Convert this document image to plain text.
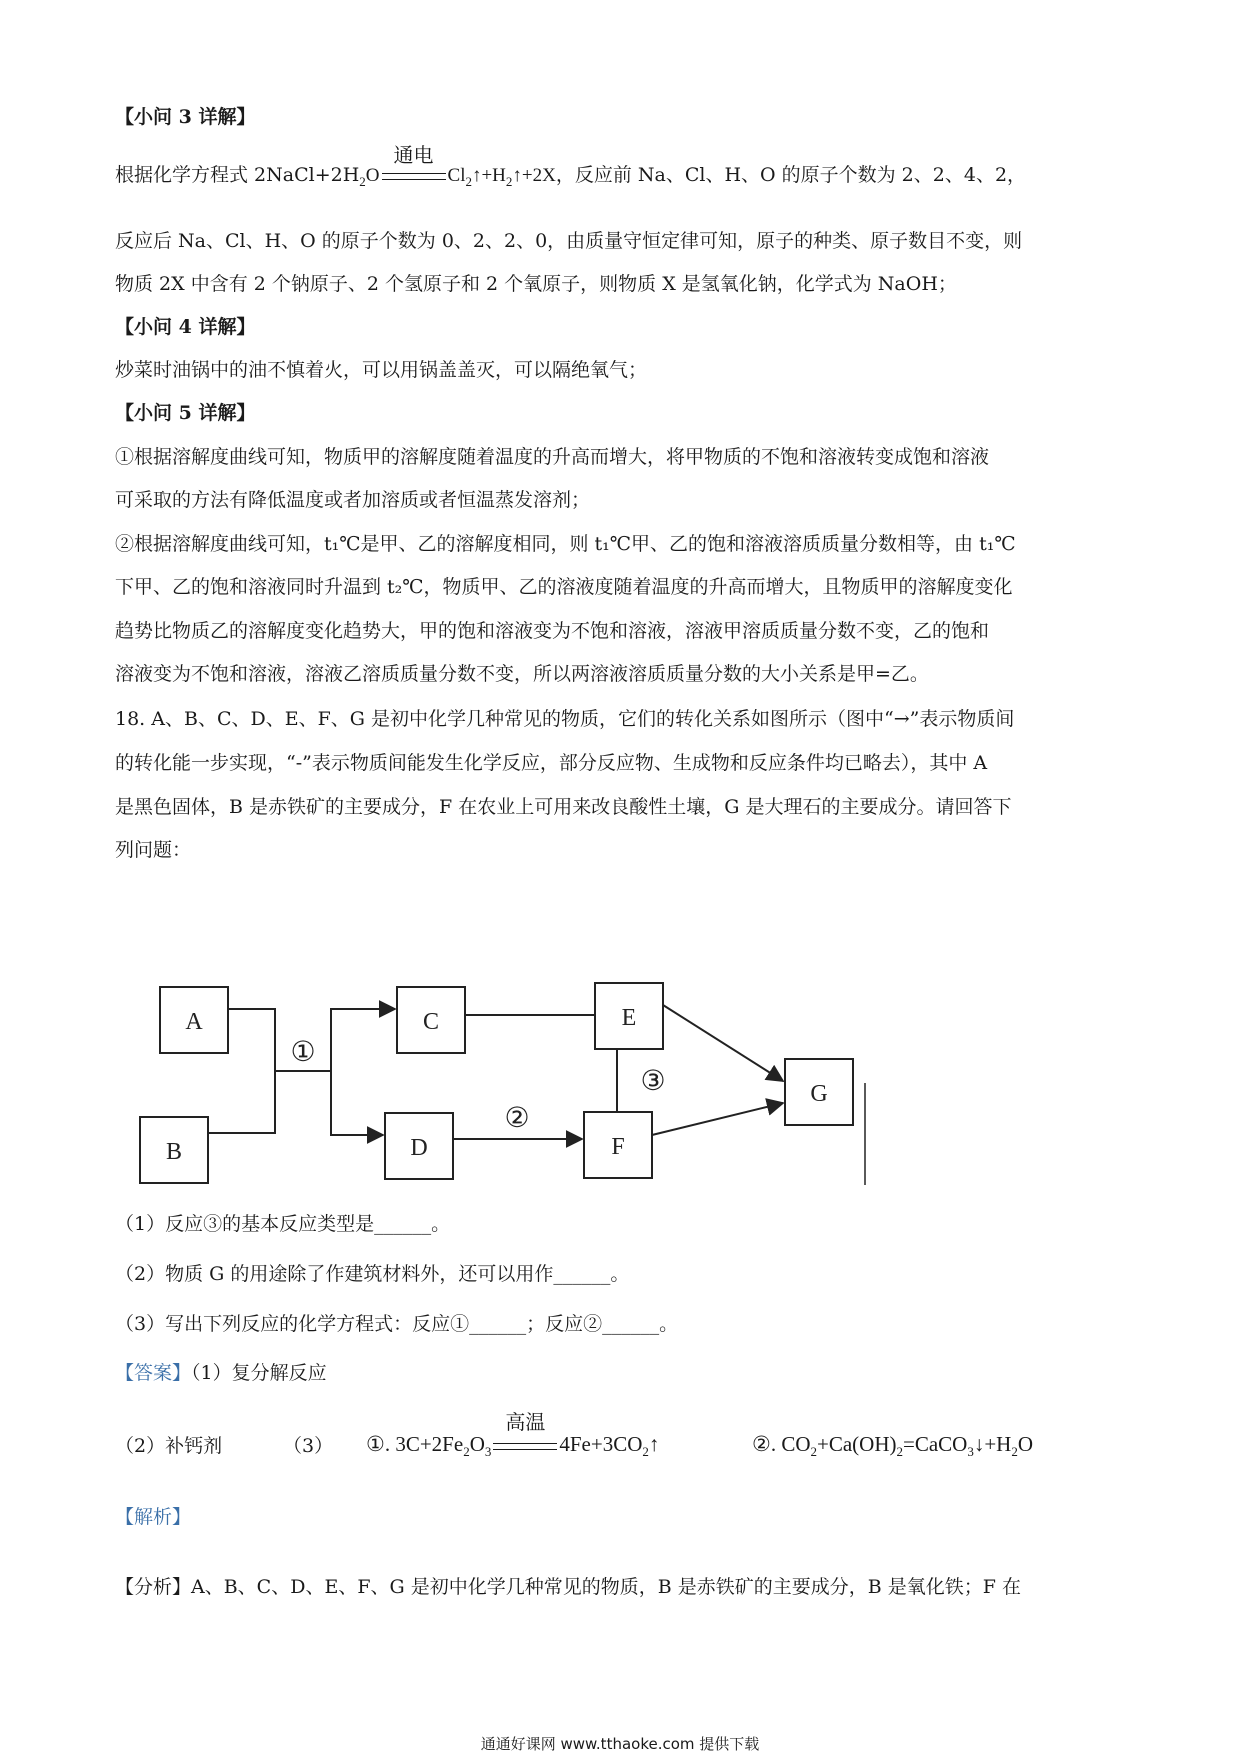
【小问 3 详解】
根据化学方程式 $2NaCl+2H_2O$
通电
$Cl_2↑+H_2↑+2X$，反应前 Na、Cl、H、O 的原子个数为 2、2、4、2，
反应后 Na、Cl、H、O 的原子个数为 0、2、2、0，由质量守恒定律可知，原子的种类、原子数目不变，则
物质 2X 中含有 2 个钠原子、2 个氢原子和 2 个氧原子，则物质 X 是氢氧化钠，化学式为 NaOH；
【小问 4 详解】
炒菜时油锅中的油不慎着火，可以用锅盖盖灭，可以隔绝氧气；
【小问 5 详解】
①根据溶解度曲线可知，物质甲的溶解度随着温度的升高而增大，将甲物质的不饱和溶液转变成饱和溶液
可采取的方法有降低温度或者加溶质或者恒温蒸发溶剂；
②根据溶解度曲线可知，t₁℃是甲、乙的溶解度相同，则 t₁℃甲、乙的饱和溶液溶质质量分数相等，由 t₁℃
下甲、乙的饱和溶液同时升温到 t₂℃，物质甲、乙的溶液度随着温度的升高而增大，且物质甲的溶解度变化
趋势比物质乙的溶解度变化趋势大，甲的饱和溶液变为不饱和溶液，溶液甲溶质质量分数不变，乙的饱和
溶液变为不饱和溶液，溶液乙溶质质量分数不变，所以两溶液溶质质量分数的大小关系是甲=乙。
18. A、B、C、D、E、F、G 是初中化学几种常见的物质，它们的转化关系如图所示（图中“→”表示物质间
的转化能一步实现，“-”表示物质间能发生化学反应，部分反应物、生成物和反应条件均已略去），其中 A
是黑色固体，B 是赤铁矿的主要成分，F 在农业上可用来改良酸性土壤，G 是大理石的主要成分。请回答下
列问题：
A
B
C
D
E
F
G
①
②
③
（1）反应③的基本反应类型是______。
（2）物质 G 的用途除了作建筑材料外，还可以用作______。
（3）写出下列反应的化学方程式：反应①______；反应②______。
【答案】（1）复分解反应
（2）补钙剂	（3） ①. $3C+2Fe_2O_3$
高温
$4Fe+3CO_2↑$	②. $CO_2+Ca(OH)_2=CaCO_3↓+H_2O$
【解析】
【分析】A、B、C、D、E、F、G 是初中化学几种常见的物质，B 是赤铁矿的主要成分，B 是氧化铁；F 在
通通好课网 www.tthaoke.com 提供下载
